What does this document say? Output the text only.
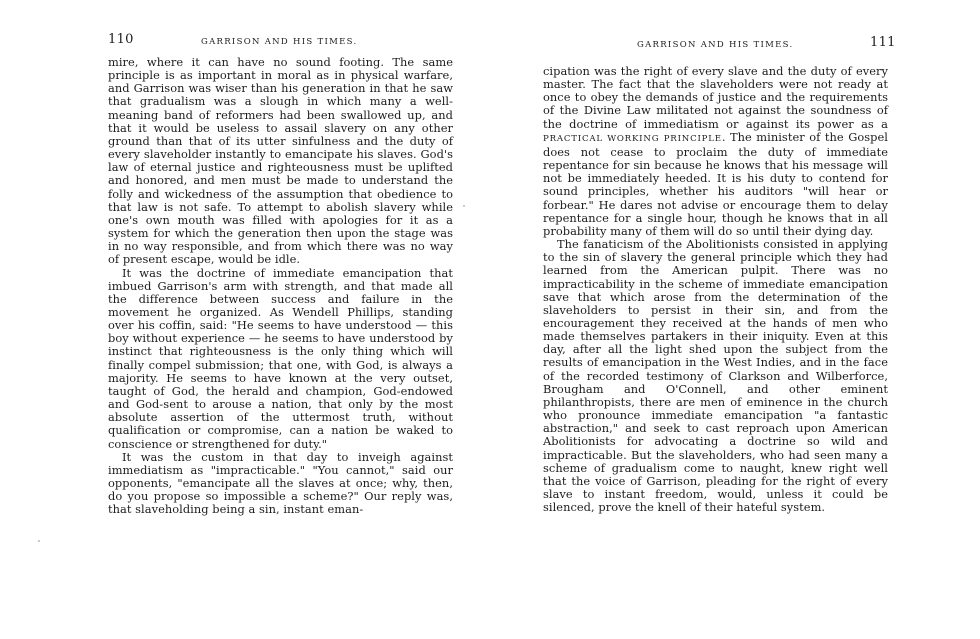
110	GARRISON AND HIS TIMES.

mire, where it can have no sound footing. The same principle is as important in moral as in physical warfare, and Garrison was wiser than his generation in that he saw that gradualism was a slough in which many a well-meaning band of reformers had been swallowed up, and that it would be useless to assail slavery on any other ground than that of its utter sinfulness and the duty of every slaveholder instantly to emancipate his slaves. God's law of eternal justice and righteousness must be uplifted and honored, and men must be made to understand the folly and wickedness of the assumption that obedience to that law is not safe. To attempt to abolish slavery while one's own mouth was filled with apologies for it as a system for which the generation then upon the stage was in no way responsible, and from which there was no way of present escape, would be idle.

It was the doctrine of immediate emancipation that imbued Garrison's arm with strength, and that made all the difference between success and failure in the movement he organized. As Wendell Phillips, standing over his coffin, said: "He seems to have understood — this boy without experience — he seems to have understood by instinct that righteousness is the only thing which will finally compel submission; that one, with God, is always a majority. He seems to have known at the very outset, taught of God, the herald and champion, God-endowed and God-sent to arouse a nation, that only by the most absolute assertion of the uttermost truth, without qualification or compromise, can a nation be waked to conscience or strengthened for duty."

It was the custom in that day to inveigh against immediatism as "impracticable." "You cannot," said our opponents, "emancipate all the slaves at once; why, then, do you propose so impossible a scheme?" Our reply was, that slaveholding being a sin, instant eman-

GARRISON AND HIS TIMES.	111

cipation was the right of every slave and the duty of every master. The fact that the slaveholders were not ready at once to obey the demands of justice and the requirements of the Divine Law militated not against the soundness of the doctrine of immediatism or against its power as a PRACTICAL WORKING PRINCIPLE. The minister of the Gospel does not cease to proclaim the duty of immediate repentance for sin because he knows that his message will not be immediately heeded. It is his duty to contend for sound principles, whether his auditors "will hear or forbear." He dares not advise or encourage them to delay repentance for a single hour, though he knows that in all probability many of them will do so until their dying day.

The fanaticism of the Abolitionists consisted in applying to the sin of slavery the general principle which they had learned from the American pulpit. There was no impracticability in the scheme of immediate emancipation save that which arose from the determination of the slaveholders to persist in their sin, and from the encouragement they received at the hands of men who made themselves partakers in their iniquity. Even at this day, after all the light shed upon the subject from the results of emancipation in the West Indies, and in the face of the recorded testimony of Clarkson and Wilberforce, Brougham and O'Connell, and other eminent philanthropists, there are men of eminence in the church who pronounce immediate emancipation "a fantastic abstraction," and seek to cast reproach upon American Abolitionists for advocating a doctrine so wild and impracticable. But the slaveholders, who had seen many a scheme of gradualism come to naught, knew right well that the voice of Garrison, pleading for the right of every slave to instant freedom, would, unless it could be silenced, prove the knell of their hateful system.
